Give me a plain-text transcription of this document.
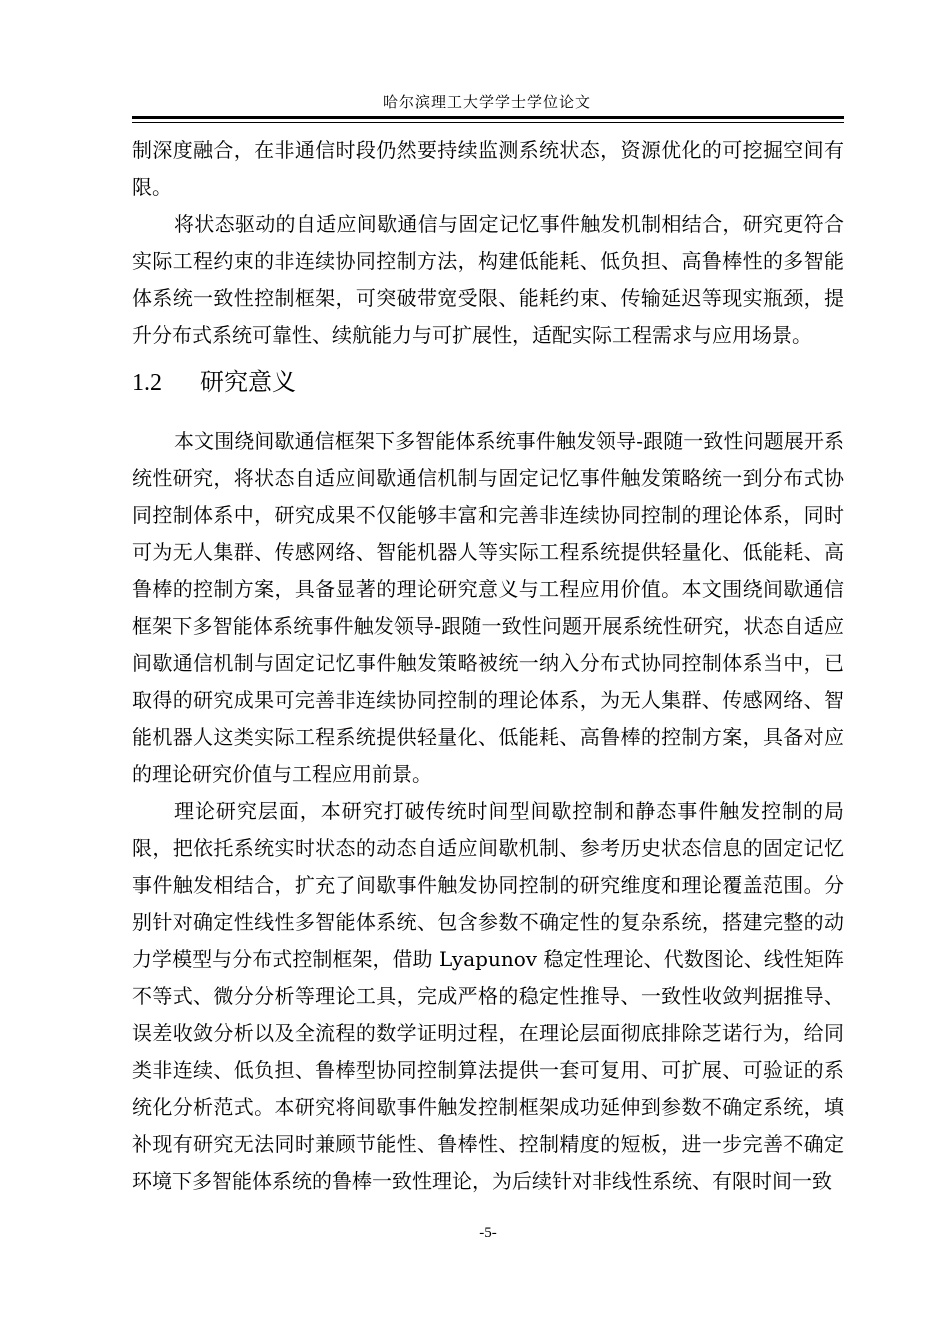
哈尔滨理工大学学士学位论文

制深度融合，在非通信时段仍然要持续监测系统状态，资源优化的可挖掘空间有限。

将状态驱动的自适应间歇通信与固定记忆事件触发机制相结合，研究更符合实际工程约束的非连续协同控制方法，构建低能耗、低负担、高鲁棒性的多智能体系统一致性控制框架，可突破带宽受限、能耗约束、传输延迟等现实瓶颈，提升分布式系统可靠性、续航能力与可扩展性，适配实际工程需求与应用场景。

1.2 研究意义

本文围绕间歇通信框架下多智能体系统事件触发领导-跟随一致性问题展开系统性研究，将状态自适应间歇通信机制与固定记忆事件触发策略统一到分布式协同控制体系中，研究成果不仅能够丰富和完善非连续协同控制的理论体系，同时可为无人集群、传感网络、智能机器人等实际工程系统提供轻量化、低能耗、高鲁棒的控制方案，具备显著的理论研究意义与工程应用价值。本文围绕间歇通信框架下多智能体系统事件触发领导-跟随一致性问题开展系统性研究，状态自适应间歇通信机制与固定记忆事件触发策略被统一纳入分布式协同控制体系当中，已取得的研究成果可完善非连续协同控制的理论体系，为无人集群、传感网络、智能机器人这类实际工程系统提供轻量化、低能耗、高鲁棒的控制方案，具备对应的理论研究价值与工程应用前景。

理论研究层面，本研究打破传统时间型间歇控制和静态事件触发控制的局限，把依托系统实时状态的动态自适应间歇机制、参考历史状态信息的固定记忆事件触发相结合，扩充了间歇事件触发协同控制的研究维度和理论覆盖范围。分别针对确定性线性多智能体系统、包含参数不确定性的复杂系统，搭建完整的动力学模型与分布式控制框架，借助 Lyapunov 稳定性理论、代数图论、线性矩阵不等式、微分分析等理论工具，完成严格的稳定性推导、一致性收敛判据推导、误差收敛分析以及全流程的数学证明过程，在理论层面彻底排除芝诺行为，给同类非连续、低负担、鲁棒型协同控制算法提供一套可复用、可扩展、可验证的系统化分析范式。本研究将间歇事件触发控制框架成功延伸到参数不确定系统，填补现有研究无法同时兼顾节能性、鲁棒性、控制精度的短板，进一步完善不确定环境下多智能体系统的鲁棒一致性理论，为后续针对非线性系统、有限时间一致

-5-
